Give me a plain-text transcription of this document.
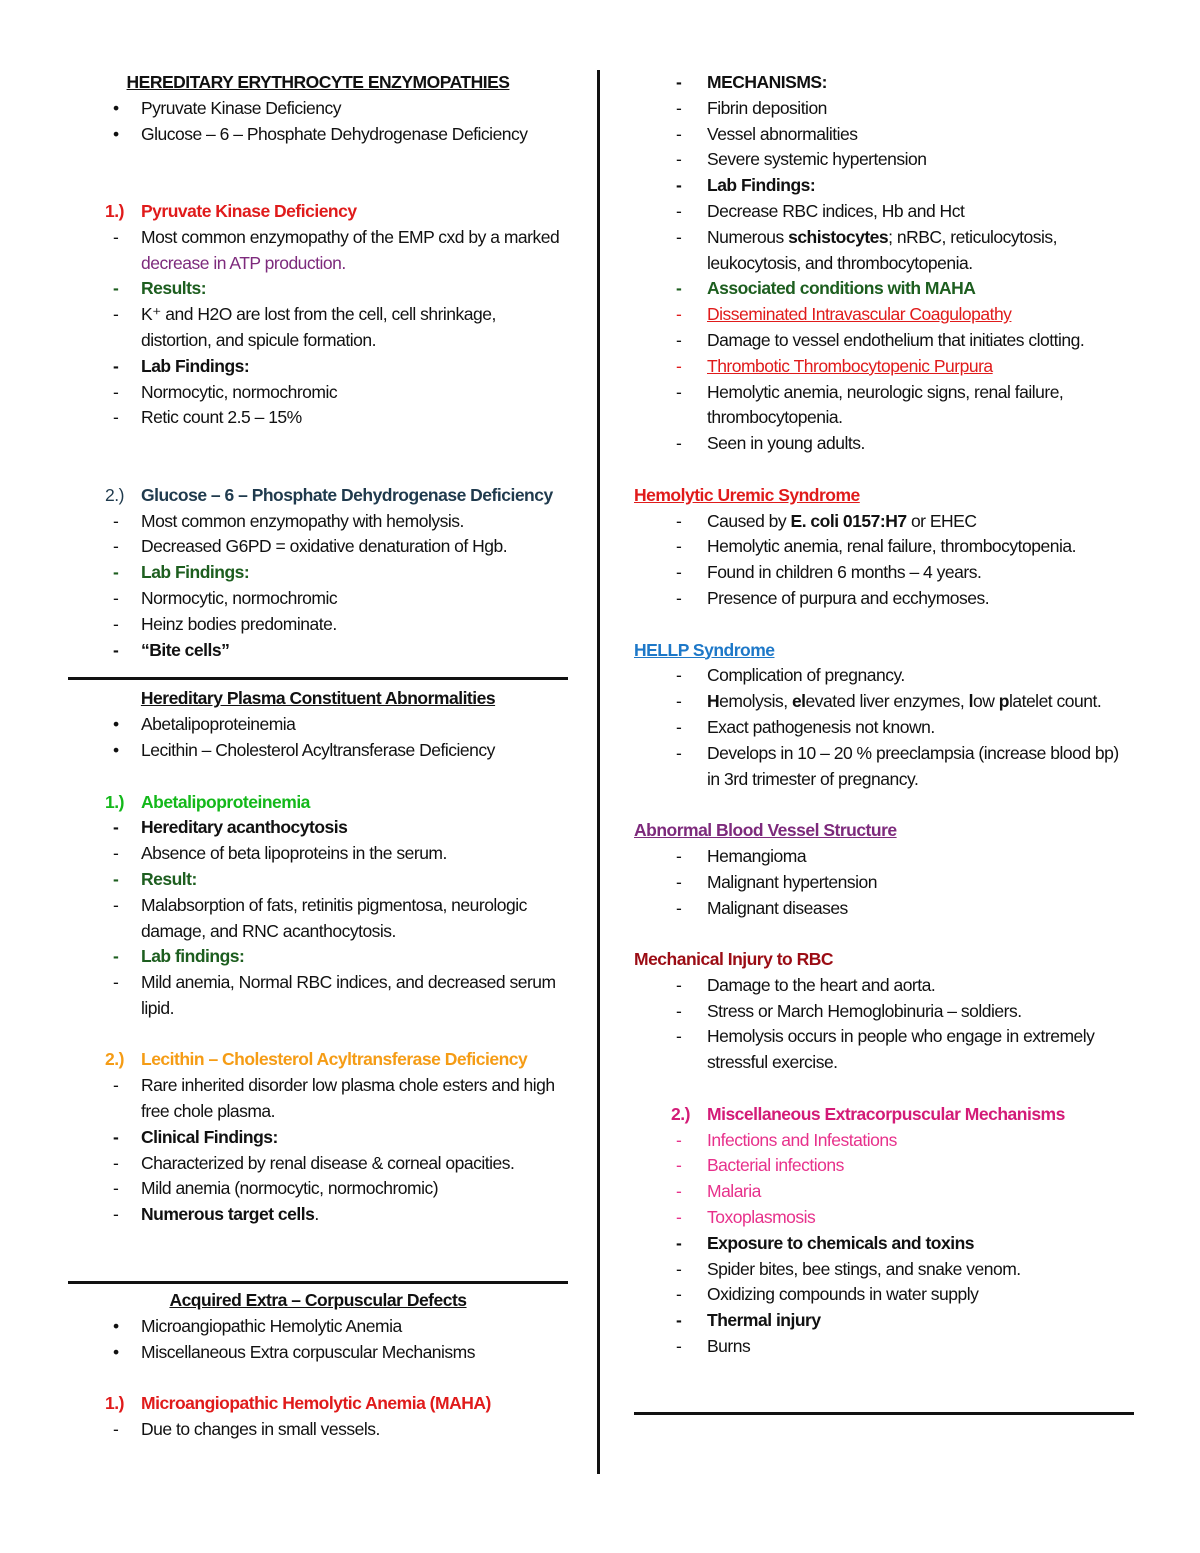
HEREDITARY ERYTHROCYTE ENZYMOPATHIES
• Pyruvate Kinase Deficiency
• Glucose – 6 – Phosphate Dehydrogenase Deficiency
1.) Pyruvate Kinase Deficiency
- Most common enzymopathy of the EMP cxd by a marked
decrease in ATP production.
- Results:
- K⁺ and H2O are lost from the cell, cell shrinkage,
distortion, and spicule formation.
- Lab Findings:
- Normocytic, normochromic
- Retic count 2.5 – 15%
2.) Glucose – 6 – Phosphate Dehydrogenase Deficiency
- Most common enzymopathy with hemolysis.
- Decreased G6PD = oxidative denaturation of Hgb.
- Lab Findings:
- Normocytic, normochromic
- Heinz bodies predominate.
- “Bite cells”
Hereditary Plasma Constituent Abnormalities
• Abetalipoproteinemia
• Lecithin – Cholesterol Acyltransferase Deficiency
1.) Abetalipoproteinemia
- Hereditary acanthocytosis
- Absence of beta lipoproteins in the serum.
- Result:
- Malabsorption of fats, retinitis pigmentosa, neurologic
damage, and RNC acanthocytosis.
- Lab findings:
- Mild anemia, Normal RBC indices, and decreased serum
lipid.
2.) Lecithin – Cholesterol Acyltransferase Deficiency
- Rare inherited disorder low plasma chole esters and high
free chole plasma.
- Clinical Findings:
- Characterized by renal disease & corneal opacities.
- Mild anemia (normocytic, normochromic)
- Numerous target cells.
Acquired Extra – Corpuscular Defects
• Microangiopathic Hemolytic Anemia
• Miscellaneous Extra corpuscular Mechanisms
1.) Microangiopathic Hemolytic Anemia (MAHA)
- Due to changes in small vessels.
- MECHANISMS:
- Fibrin deposition
- Vessel abnormalities
- Severe systemic hypertension
- Lab Findings:
- Decrease RBC indices, Hb and Hct
- Numerous schistocytes; nRBC, reticulocytosis,
leukocytosis, and thrombocytopenia.
- Associated conditions with MAHA
- Disseminated Intravascular Coagulopathy
- Damage to vessel endothelium that initiates clotting.
- Thrombotic Thrombocytopenic Purpura
- Hemolytic anemia, neurologic signs, renal failure,
thrombocytopenia.
- Seen in young adults.
Hemolytic Uremic Syndrome
- Caused by E. coli 0157:H7 or EHEC
- Hemolytic anemia, renal failure, thrombocytopenia.
- Found in children 6 months – 4 years.
- Presence of purpura and ecchymoses.
HELLP Syndrome
- Complication of pregnancy.
- Hemolysis, elevated liver enzymes, low platelet count.
- Exact pathogenesis not known.
- Develops in 10 – 20 % preeclampsia (increase blood bp)
in 3rd trimester of pregnancy.
Abnormal Blood Vessel Structure
- Hemangioma
- Malignant hypertension
- Malignant diseases
Mechanical Injury to RBC
- Damage to the heart and aorta.
- Stress or March Hemoglobinuria – soldiers.
- Hemolysis occurs in people who engage in extremely
stressful exercise.
2.) Miscellaneous Extracorpuscular Mechanisms
- Infections and Infestations
- Bacterial infections
- Malaria
- Toxoplasmosis
- Exposure to chemicals and toxins
- Spider bites, bee stings, and snake venom.
- Oxidizing compounds in water supply
- Thermal injury
- Burns
